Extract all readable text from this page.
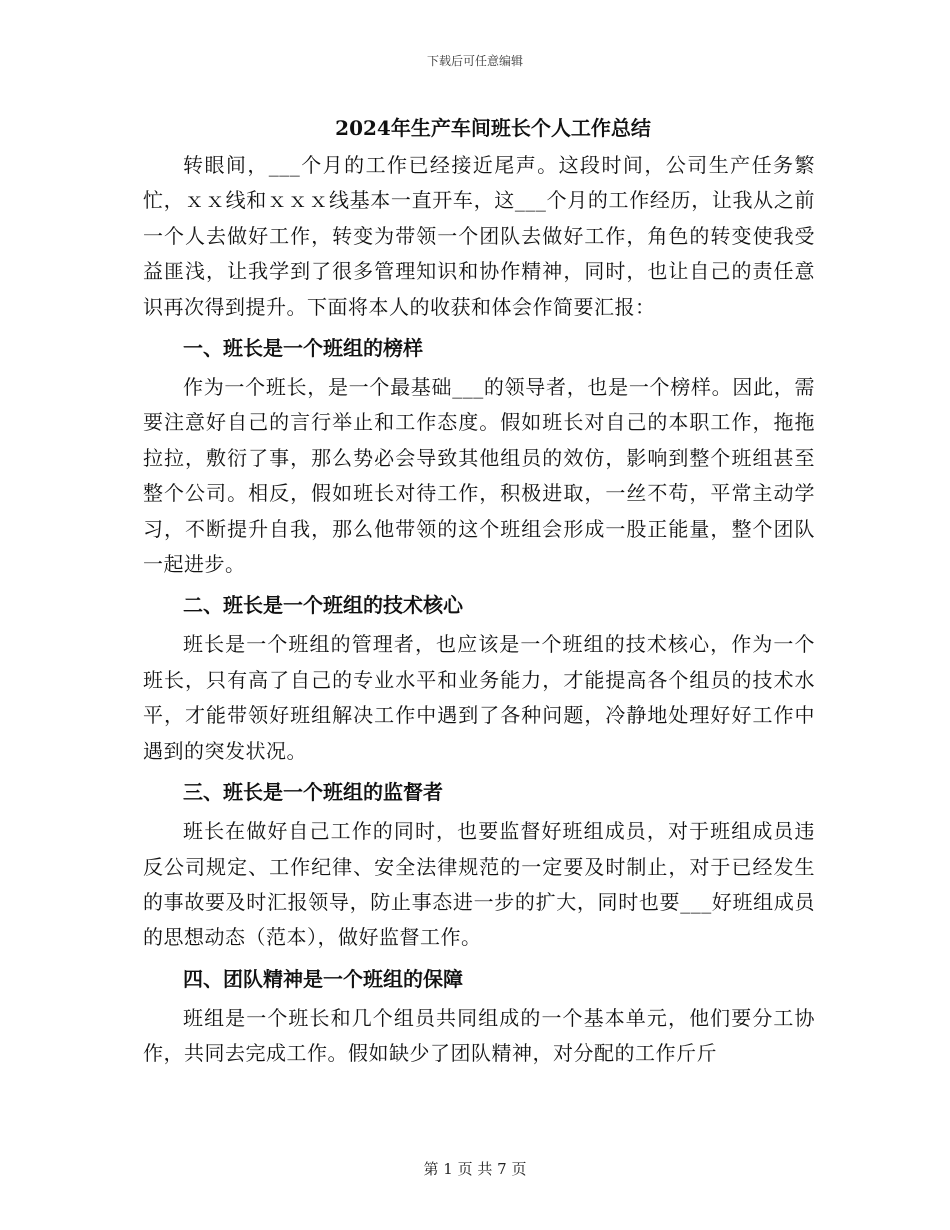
下载后可任意编辑
2024年生产车间班长个人工作总结

转眼间，___个月的工作已经接近尾声。这段时间，公司生产任务繁忙，ｘｘ线和ｘｘｘ线基本一直开车，这___个月的工作经历，让我从之前一个人去做好工作，转变为带领一个团队去做好工作，角色的转变使我受益匪浅，让我学到了很多管理知识和协作精神，同时，也让自己的责任意识再次得到提升。下面将本人的收获和体会作简要汇报：

一、班长是一个班组的榜样

作为一个班长，是一个最基础___的领导者，也是一个榜样。因此，需要注意好自己的言行举止和工作态度。假如班长对自己的本职工作，拖拖拉拉，敷衍了事，那么势必会导致其他组员的效仿，影响到整个班组甚至整个公司。相反，假如班长对待工作，积极进取，一丝不苟，平常主动学习，不断提升自我，那么他带领的这个班组会形成一股正能量，整个团队一起进步。

二、班长是一个班组的技术核心

班长是一个班组的管理者，也应该是一个班组的技术核心，作为一个班长，只有高了自己的专业水平和业务能力，才能提高各个组员的技术水平，才能带领好班组解决工作中遇到了各种问题，冷静地处理好好工作中遇到的突发状况。

三、班长是一个班组的监督者

班长在做好自己工作的同时，也要监督好班组成员，对于班组成员违反公司规定、工作纪律、安全法律规范的一定要及时制止，对于已经发生的事故要及时汇报领导，防止事态进一步的扩大，同时也要___好班组成员的思想动态（范本），做好监督工作。

四、团队精神是一个班组的保障

班组是一个班长和几个组员共同组成的一个基本单元，他们要分工协作，共同去完成工作。假如缺少了团队精神，对分配的工作斤斤

第 1 页 共 7 页
